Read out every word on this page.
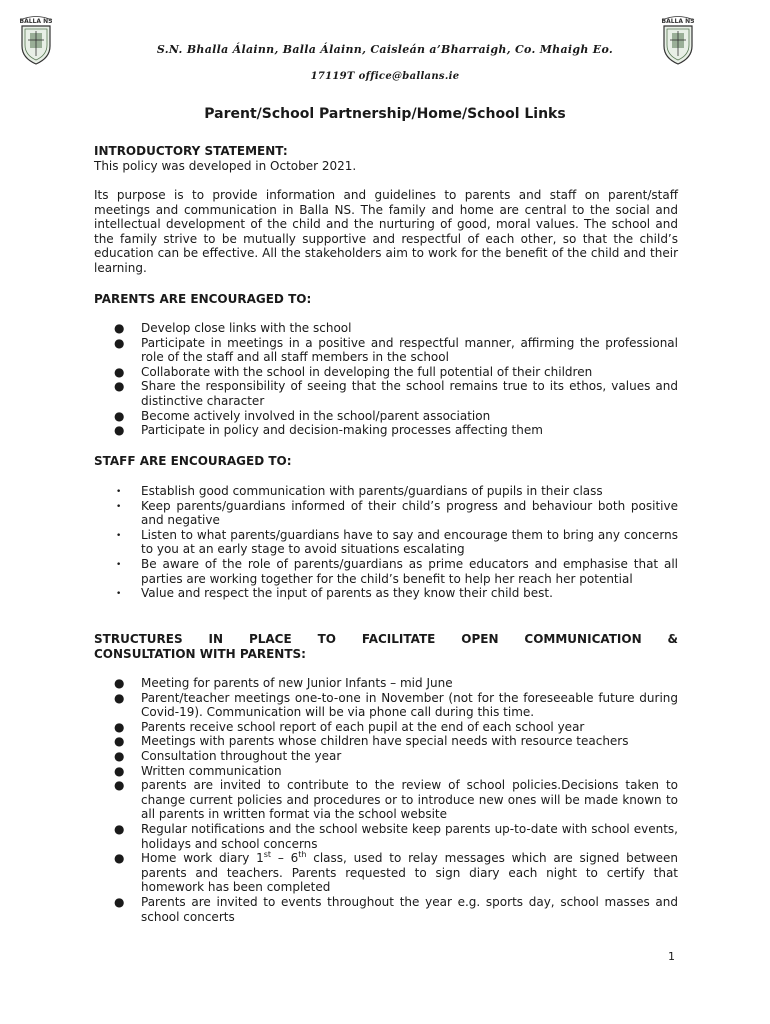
BALLA NS	BALLA NS
S.N. Bhalla Álainn, Balla Álainn, Caisleán a’Bharraigh, Co. Mhaigh Eo.
17119T office@ballans.ie
Parent/School Partnership/Home/School Links
INTRODUCTORY STATEMENT:
This policy was developed in October 2021.
Its purpose is to provide information and guidelines to parents and staff on parent/staff meetings and communication in Balla NS. The family and home are central to the social and intellectual development of the child and the nurturing of good, moral values. The school and the family strive to be mutually supportive and respectful of each other, so that the child’s education can be effective. All the stakeholders aim to work for the benefit of the child and their learning.
PARENTS ARE ENCOURAGED TO:
● Develop close links with the school
● Participate in meetings in a positive and respectful manner, affirming the professional role of the staff and all staff members in the school
● Collaborate with the school in developing the full potential of their children
● Share the responsibility of seeing that the school remains true to its ethos, values and distinctive character
● Become actively involved in the school/parent association
● Participate in policy and decision-making processes affecting them
STAFF ARE ENCOURAGED TO:
• Establish good communication with parents/guardians of pupils in their class
• Keep parents/guardians informed of their child’s progress and behaviour both positive and negative
• Listen to what parents/guardians have to say and encourage them to bring any concerns to you at an early stage to avoid situations escalating
• Be aware of the role of parents/guardians as prime educators and emphasise that all parties are working together for the child’s benefit to help her reach her potential
• Value and respect the input of parents as they know their child best.
STRUCTURES IN PLACE TO FACILITATE OPEN COMMUNICATION &
CONSULTATION WITH PARENTS:
● Meeting for parents of new Junior Infants – mid June
● Parent/teacher meetings one-to-one in November (not for the foreseeable future during Covid-19). Communication will be via phone call during this time.
● Parents receive school report of each pupil at the end of each school year
● Meetings with parents whose children have special needs with resource teachers
● Consultation throughout the year
● Written communication
● parents are invited to contribute to the review of school policies.Decisions taken to change current policies and procedures or to introduce new ones will be made known to all parents in written format via the school website
● Regular notifications and the school website keep parents up-to-date with school events, holidays and school concerns
● Home work diary 1st – 6th class, used to relay messages which are signed between parents and teachers. Parents requested to sign diary each night to certify that homework has been completed
● Parents are invited to events throughout the year e.g. sports day, school masses and school concerts
1
